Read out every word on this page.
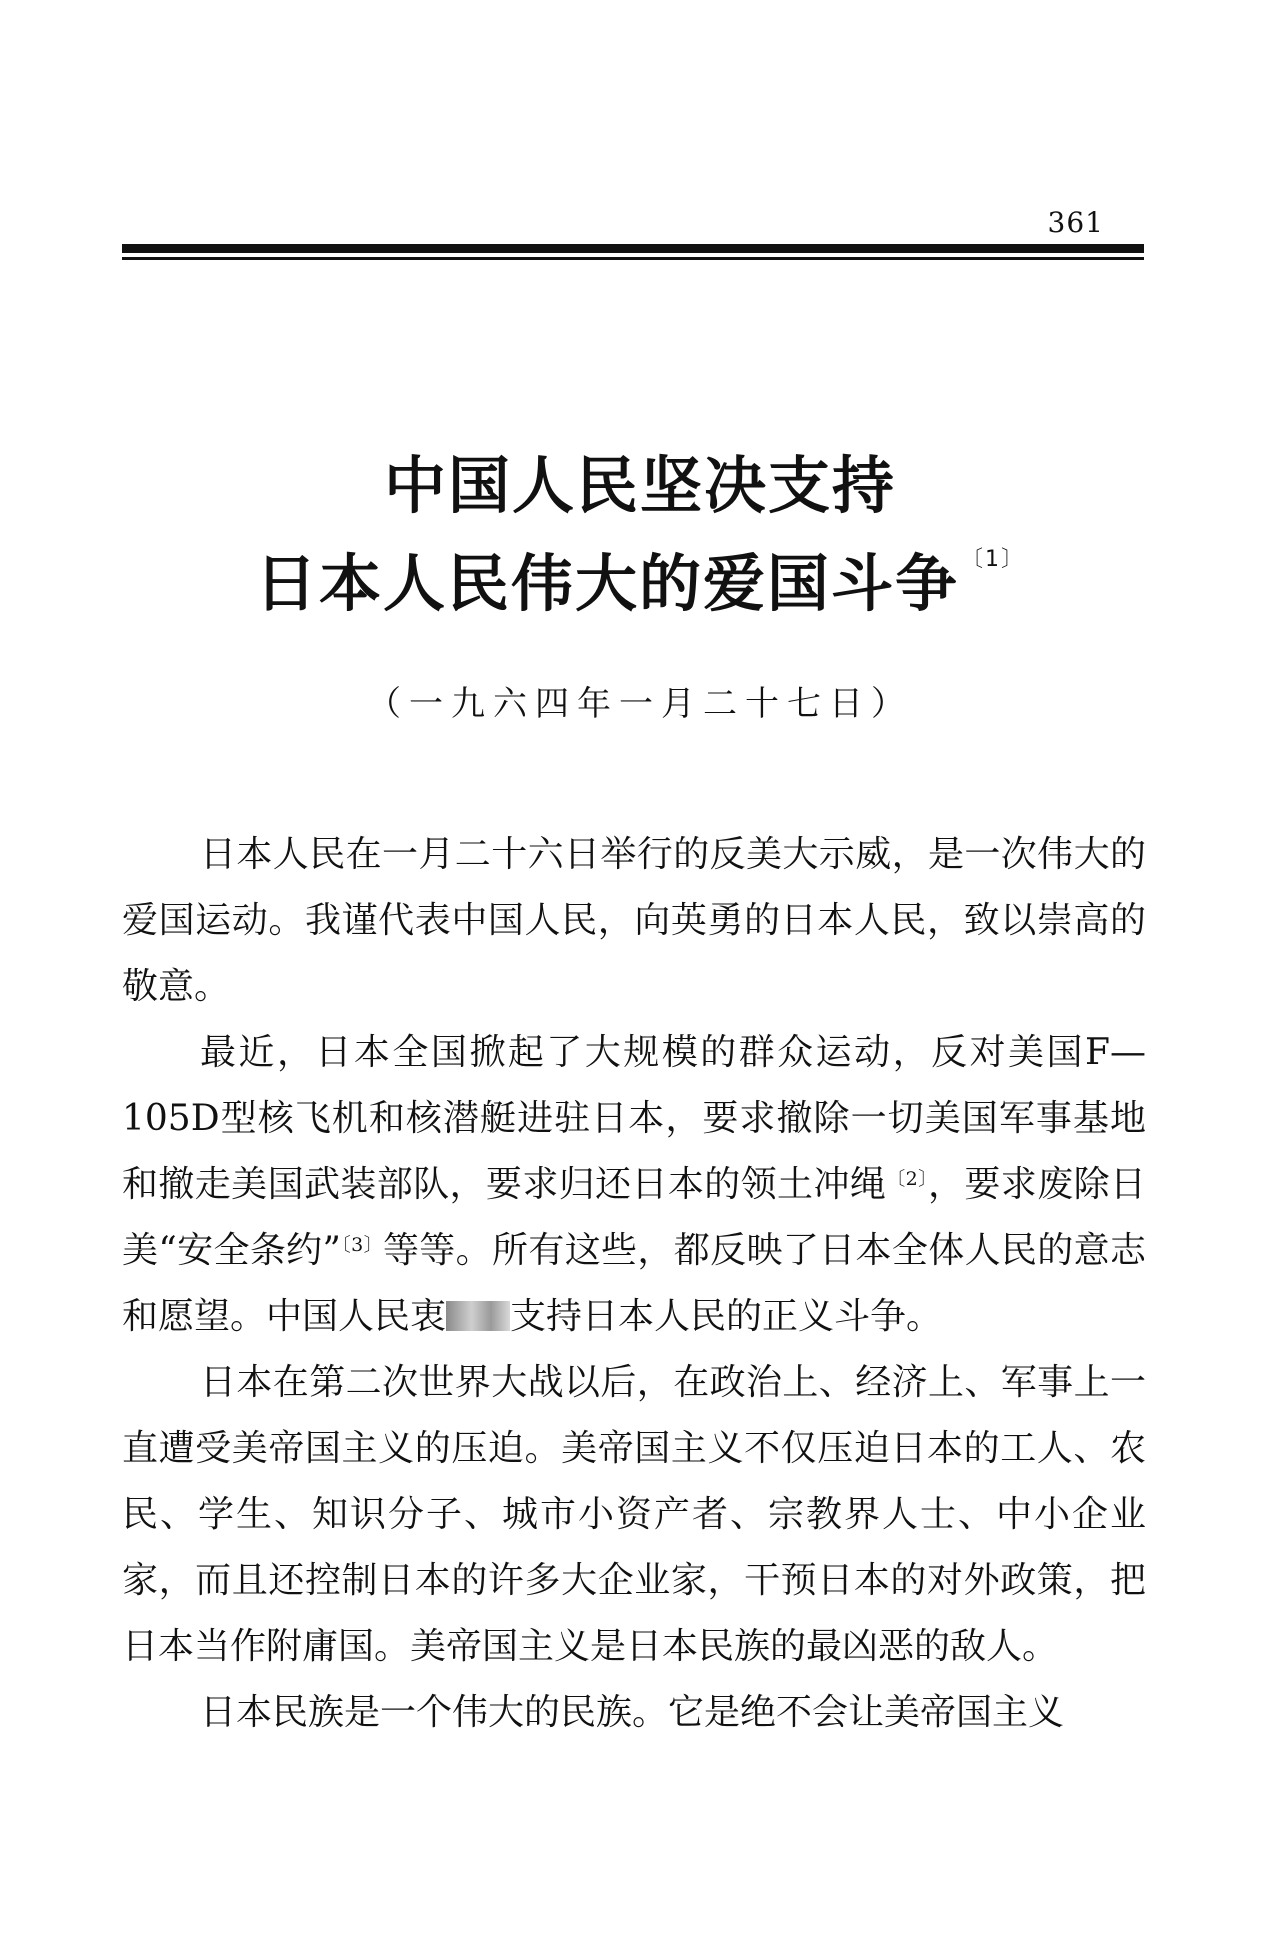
361
中国人民坚决支持
日本人民伟大的爱国斗争$^{〔1〕}$
（一九六四年一月二十七日）

日本人民在一月二十六日举行的反美大示威，是一次伟大的爱国运动。我谨代表中国人民，向英勇的日本人民，致以崇高的敬意。

最近，日本全国掀起了大规模的群众运动，反对美国F—105D型核飞机和核潜艇进驻日本，要求撤除一切美国军事基地和撤走美国武装部队，要求归还日本的领土冲绳$^{〔2〕}$，要求废除日美“安全条约”$^{〔3〕}$等等。所有这些，都反映了日本全体人民的意志和愿望。中国人民衷 支持日本人民的正义斗争。

日本在第二次世界大战以后，在政治上、经济上、军事上一直遭受美帝国主义的压迫。美帝国主义不仅压迫日本的工人、农民、学生、知识分子、城市小资产者、宗教界人士、中小企业家，而且还控制日本的许多大企业家，干预日本的对外政策，把日本当作附庸国。美帝国主义是日本民族的最凶恶的敌人。

日本民族是一个伟大的民族。它是绝不会让美帝国主义
